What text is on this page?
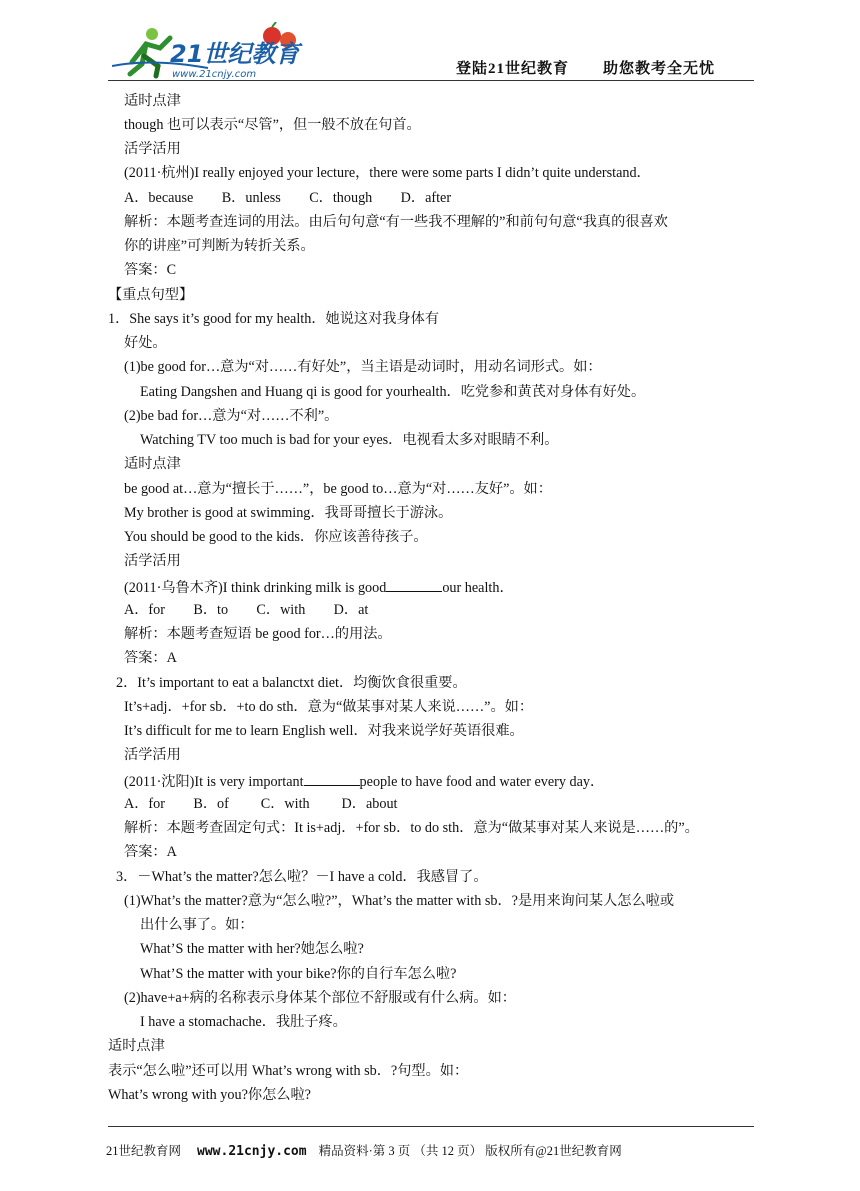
21世纪教育
www.21cnjy.com	登陆21世纪教育 助您教考全无忧
适时点津
though 也可以表示“尽管”，但一般不放在句首。
活学活用
(2011·杭州)I really enjoyed your lecture，there were some parts I didn’t quite understand．
A．because　　B．unless　　C．though　　D．after
解析：本题考查连词的用法。由后句句意“有一些我不理解的”和前句句意“我真的很喜欢
你的讲座”可判断为转折关系。
答案：C
【重点句型】
1．She says it’s good for my health．她说这对我身体有
好处。
(1)be good for…意为“对……有好处”，当主语是动词时，用动名词形式。如：
Eating Dangshen and Huang qi is good for yourhealth．吃党参和黄芪对身体有好处。
(2)be bad for…意为“对……不利”。
Watching TV too much is bad for your eyes．电视看太多对眼睛不利。
适时点津
be good at…意为“擅长于……”，be good to…意为“对……友好”。如：
My brother is good at swimming．我哥哥擅长于游泳。
You should be good to the kids．你应该善待孩子。
活学活用
(2011·乌鲁木齐)I think drinking milk is good	our health．
A．for　　B．to　　C．with　　D．at
解析：本题考查短语 be good for…的用法。
答案：A
2．It’s important to eat a balanctxt diet．均衡饮食很重要。
It’s+adj．+for sb．+to do sth．意为“做某事对某人来说……”。如：
It’s difficult for me to learn English well．对我来说学好英语很难。
活学活用
(2011·沈阳)It is very important	people to have food and water every day．
A．for　　B．of　　 C．with　　 D．about
解析：本题考查固定句式：It is+adj．+for sb．to do sth．意为“做某事对某人来说是……的”。
答案：A
3．－What’s the matter?怎么啦？－I have a cold．我感冒了。
(1)What’s the matter?意为“怎么啦?”，What’s the matter with sb．?是用来询问某人怎么啦或
出什么事了。如：
What’S the matter with her?她怎么啦?
What’S the matter with your bike?你的自行车怎么啦?
(2)have+a+病的名称表示身体某个部位不舒服或有什么病。如：
I have a stomachache．我肚子疼。
适时点津
表示“怎么啦”还可以用 What’s wrong with sb．?句型。如：
What’s wrong with you?你怎么啦?
21世纪教育网 www.21cnjy.com 精品资料·第 3 页 （共 12 页） 版权所有@21世纪教育网
